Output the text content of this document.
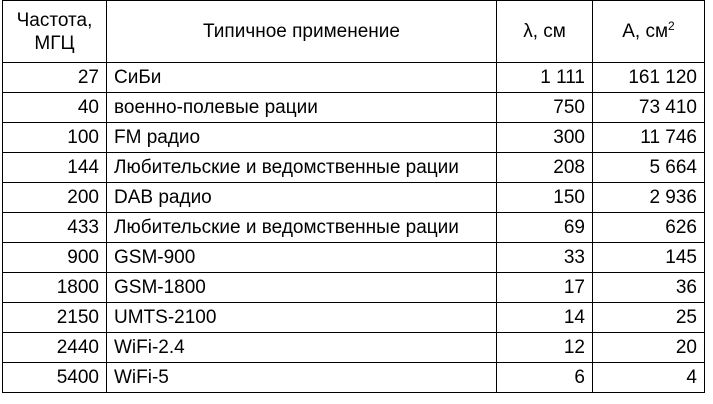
Частота,
МГЦ	Типичное применение	λ, см	A, $см^2$
27	СиБи	1 111	161 120
40	военно-полевые рации	750	73 410
100	FM радио	300	11 746
144	Любительские и ведомственные рации	208	5 664
200	DAB радио	150	2 936
433	Любительские и ведомственные рации	69	626
900	GSM-900	33	145
1800	GSM-1800	17	36
2150	UMTS-2100	14	25
2440	WiFi-2.4	12	20
5400	WiFi-5	6	4
